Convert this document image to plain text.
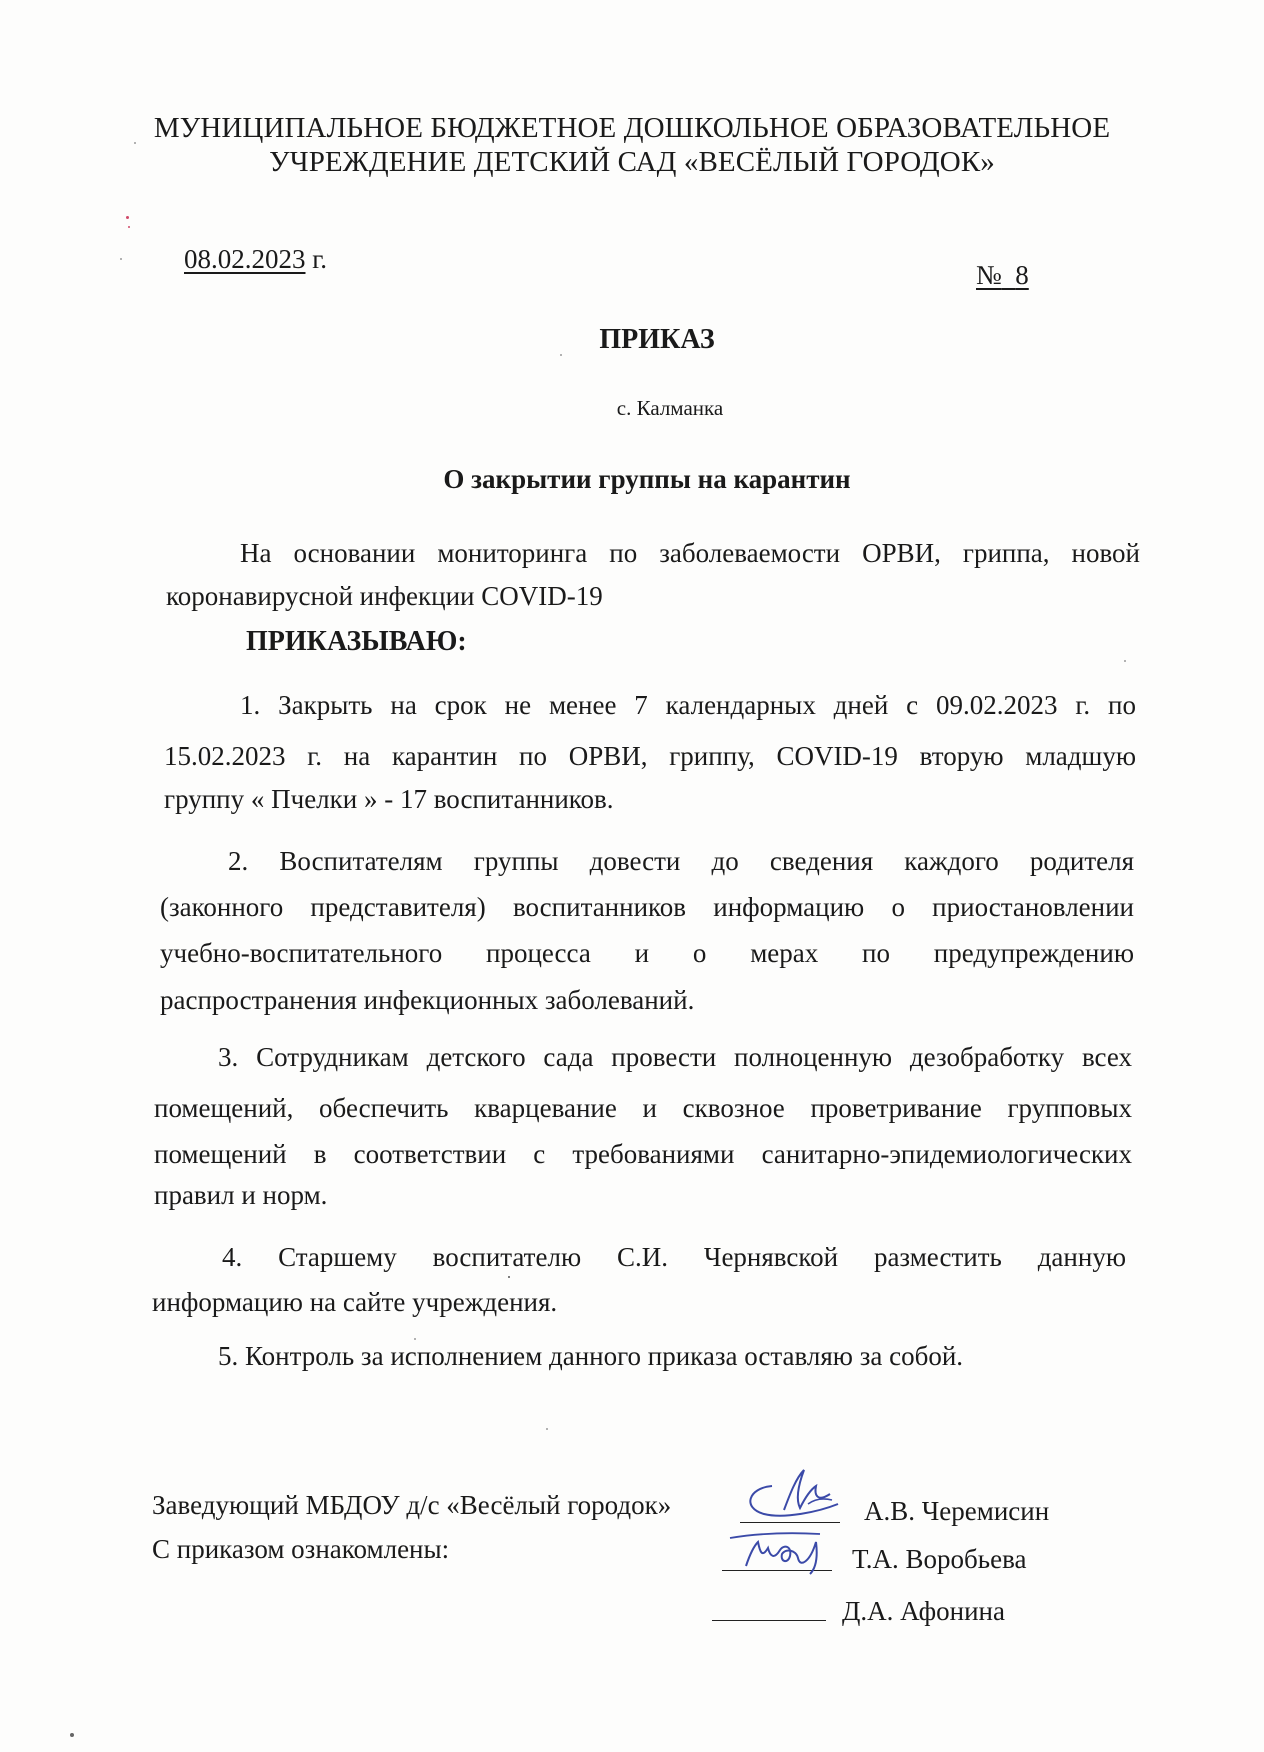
МУНИЦИПАЛЬНОЕ БЮДЖЕТНОЕ ДОШКОЛЬНОЕ ОБРАЗОВАТЕЛЬНОЕ
УЧРЕЖДЕНИЕ ДЕТСКИЙ САД «ВЕСЁЛЫЙ ГОРОДОК»
08.02.2023 г.
№ 8
ПРИКАЗ
с. Калманка
О закрытии группы на карантин
На основании мониторинга по заболеваемости ОРВИ, гриппа, новой
коронавирусной инфекции COVID-19
ПРИКАЗЫВАЮ:
1. Закрыть на срок не менее 7 календарных дней с 09.02.2023 г. по
15.02.2023 г. на карантин по ОРВИ, гриппу, COVID-19 вторую младшую
группу « Пчелки » - 17 воспитанников.
2. Воспитателям группы довести до сведения каждого родителя
(законного представителя) воспитанников информацию о приостановлении
учебно-воспитательного процесса и о мерах по предупреждению
распространения инфекционных заболеваний.
3. Сотрудникам детского сада провести полноценную дезобработку всех
помещений, обеспечить кварцевание и сквозное проветривание групповых
помещений в соответствии с требованиями санитарно-эпидемиологических
правил и норм.
4. Старшему воспитателю С.И. Чернявской разместить данную
информацию на сайте учреждения.
5. Контроль за исполнением данного приказа оставляю за собой.
Заведующий МБДОУ д/с «Весёлый городок»	А.В. Черемисин
С приказом ознакомлены:	Т.А. Воробьева
Д.А. Афонина
